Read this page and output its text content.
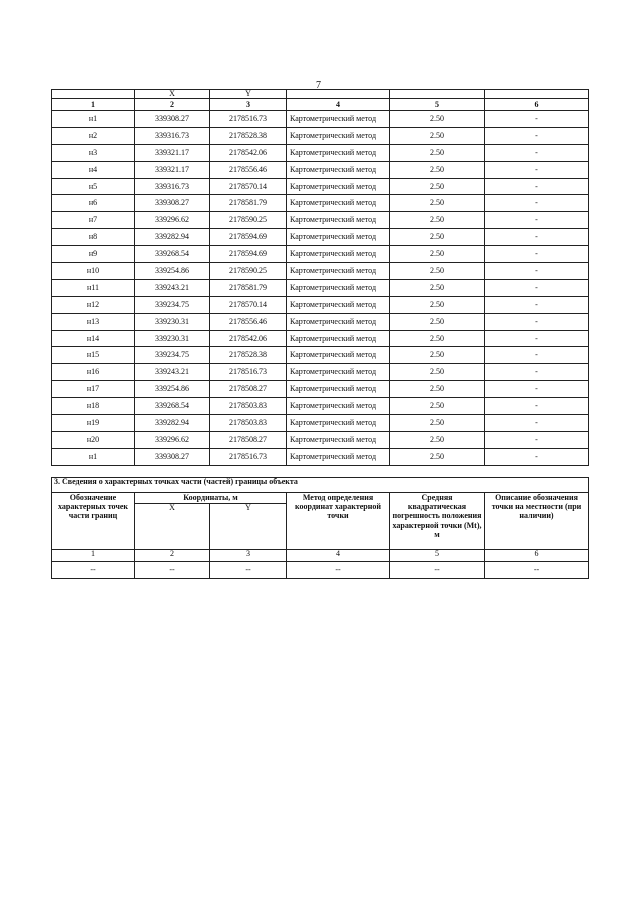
7
	X	Y			
1	2	3	4	5	6
н1	339308.27	2178516.73	Картометрический метод	2.50	-
н2	339316.73	2178528.38	Картометрический метод	2.50	-
н3	339321.17	2178542.06	Картометрический метод	2.50	-
н4	339321.17	2178556.46	Картометрический метод	2.50	-
н5	339316.73	2178570.14	Картометрический метод	2.50	-
н6	339308.27	2178581.79	Картометрический метод	2.50	-
н7	339296.62	2178590.25	Картометрический метод	2.50	-
н8	339282.94	2178594.69	Картометрический метод	2.50	-
н9	339268.54	2178594.69	Картометрический метод	2.50	-
н10	339254.86	2178590.25	Картометрический метод	2.50	-
н11	339243.21	2178581.79	Картометрический метод	2.50	-
н12	339234.75	2178570.14	Картометрический метод	2.50	-
н13	339230.31	2178556.46	Картометрический метод	2.50	-
н14	339230.31	2178542.06	Картометрический метод	2.50	-
н15	339234.75	2178528.38	Картометрический метод	2.50	-
н16	339243.21	2178516.73	Картометрический метод	2.50	-
н17	339254.86	2178508.27	Картометрический метод	2.50	-
н18	339268.54	2178503.83	Картометрический метод	2.50	-
н19	339282.94	2178503.83	Картометрический метод	2.50	-
н20	339296.62	2178508.27	Картометрический метод	2.50	-
н1	339308.27	2178516.73	Картометрический метод	2.50	-
3. Сведения о характерных точках части (частей) границы объекта					
Обозначение характерных точек части границ	Координаты, м		Метод определения координат характерной точки	Средняя квадратическая погрешность положения характерной точки (Mt), м	Описание обозначения точки на местности (при наличии)
	X	Y			
1	2	3	4	5	6
--	--	--	--	--	--
